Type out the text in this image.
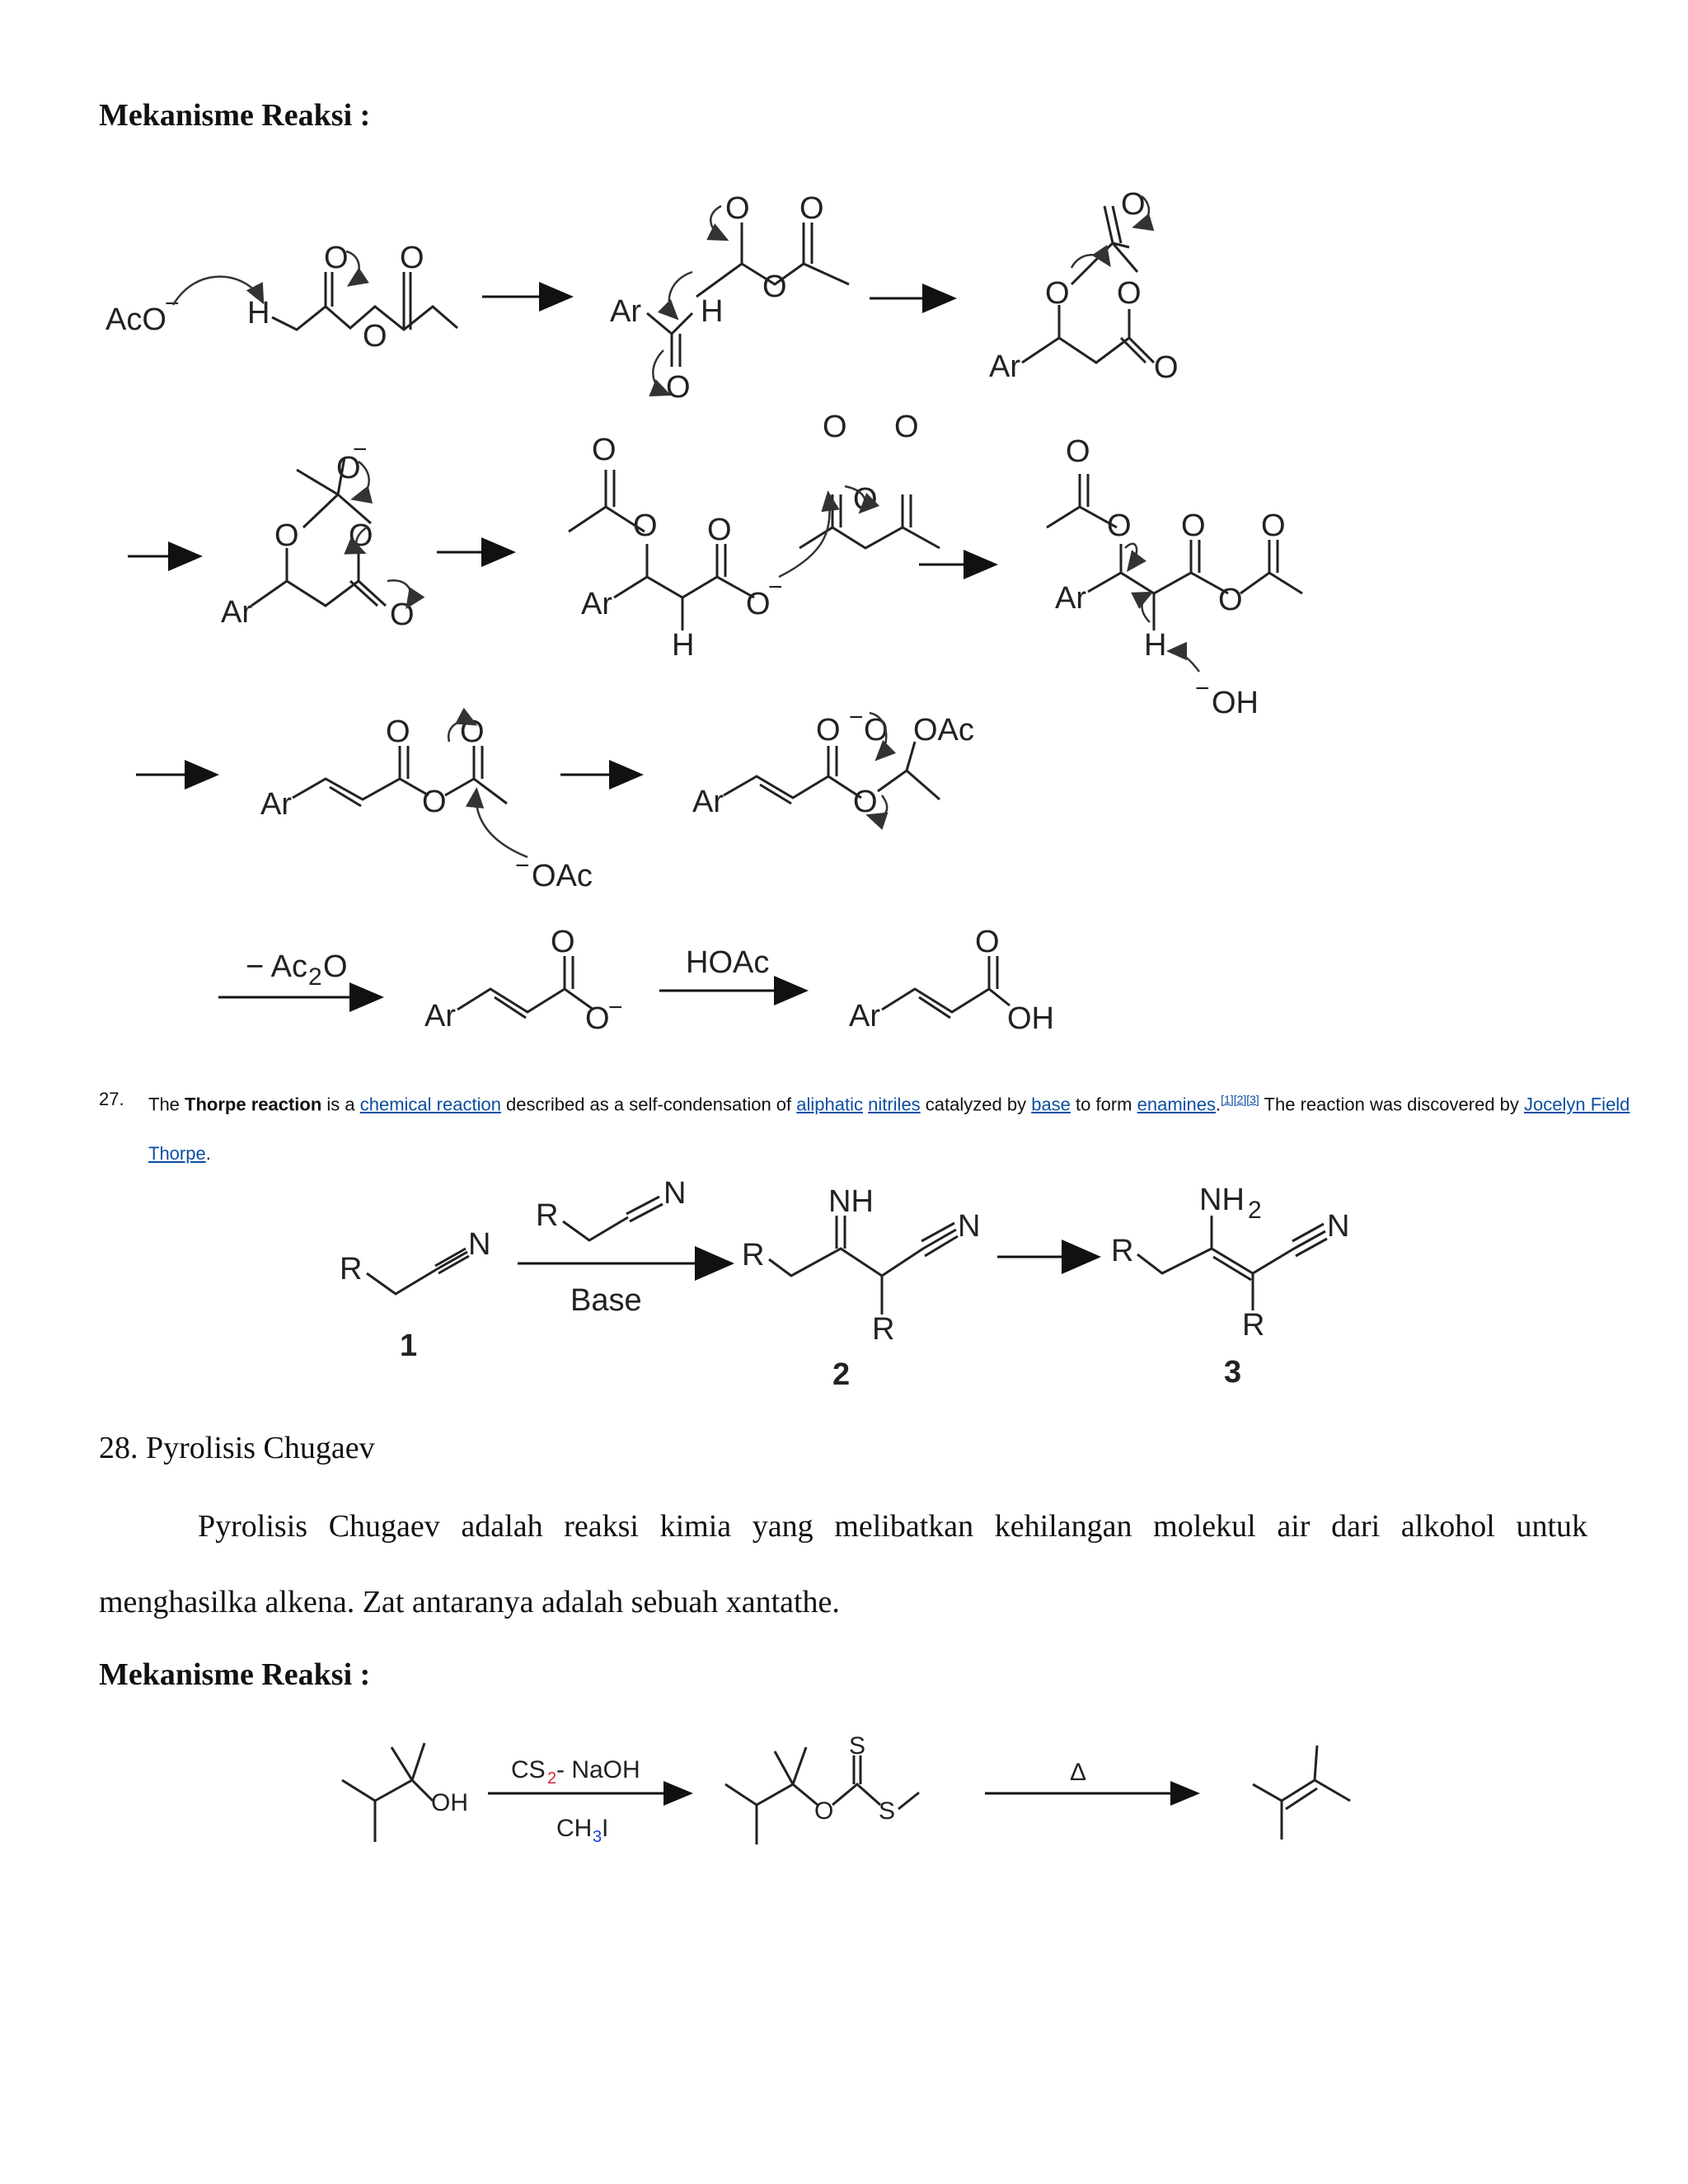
Mekanisme Reaksi :
AcO
− H
O O
O
Ar H
O
O O
O
Ar
O O
O
O
Ar
O O
O
O
−
Ar
H
O
O
O
O
−
O O
O
Ar
H
O
O O
O
O
OH
−
Ar
O
O
O
OAc
−
Ar
O
O
O
− OAc
− Ac 2 O
Ar
O
O
−
HOAc
Ar
O
OH
27. The Thorpe reaction is a chemical reaction described as a self-condensation of aliphatic nitriles catalyzed by base to form enamines.[1][2][3] The reaction was discovered by Jocelyn Field Thorpe.
R
N
1
R
N
Base
R
NH
N
R
2
R
NH 2 N
R
3
28. Pyrolisis Chugaev
Pyrolisis Chugaev adalah reaksi kimia yang melibatkan kehilangan molekul air dari alkohol untuk menghasilka alkena. Zat antaranya adalah sebuah xantathe.
Mekanisme Reaksi :
OH
CS 2 - NaOH
CH 3 I
O
S
S
Δ
